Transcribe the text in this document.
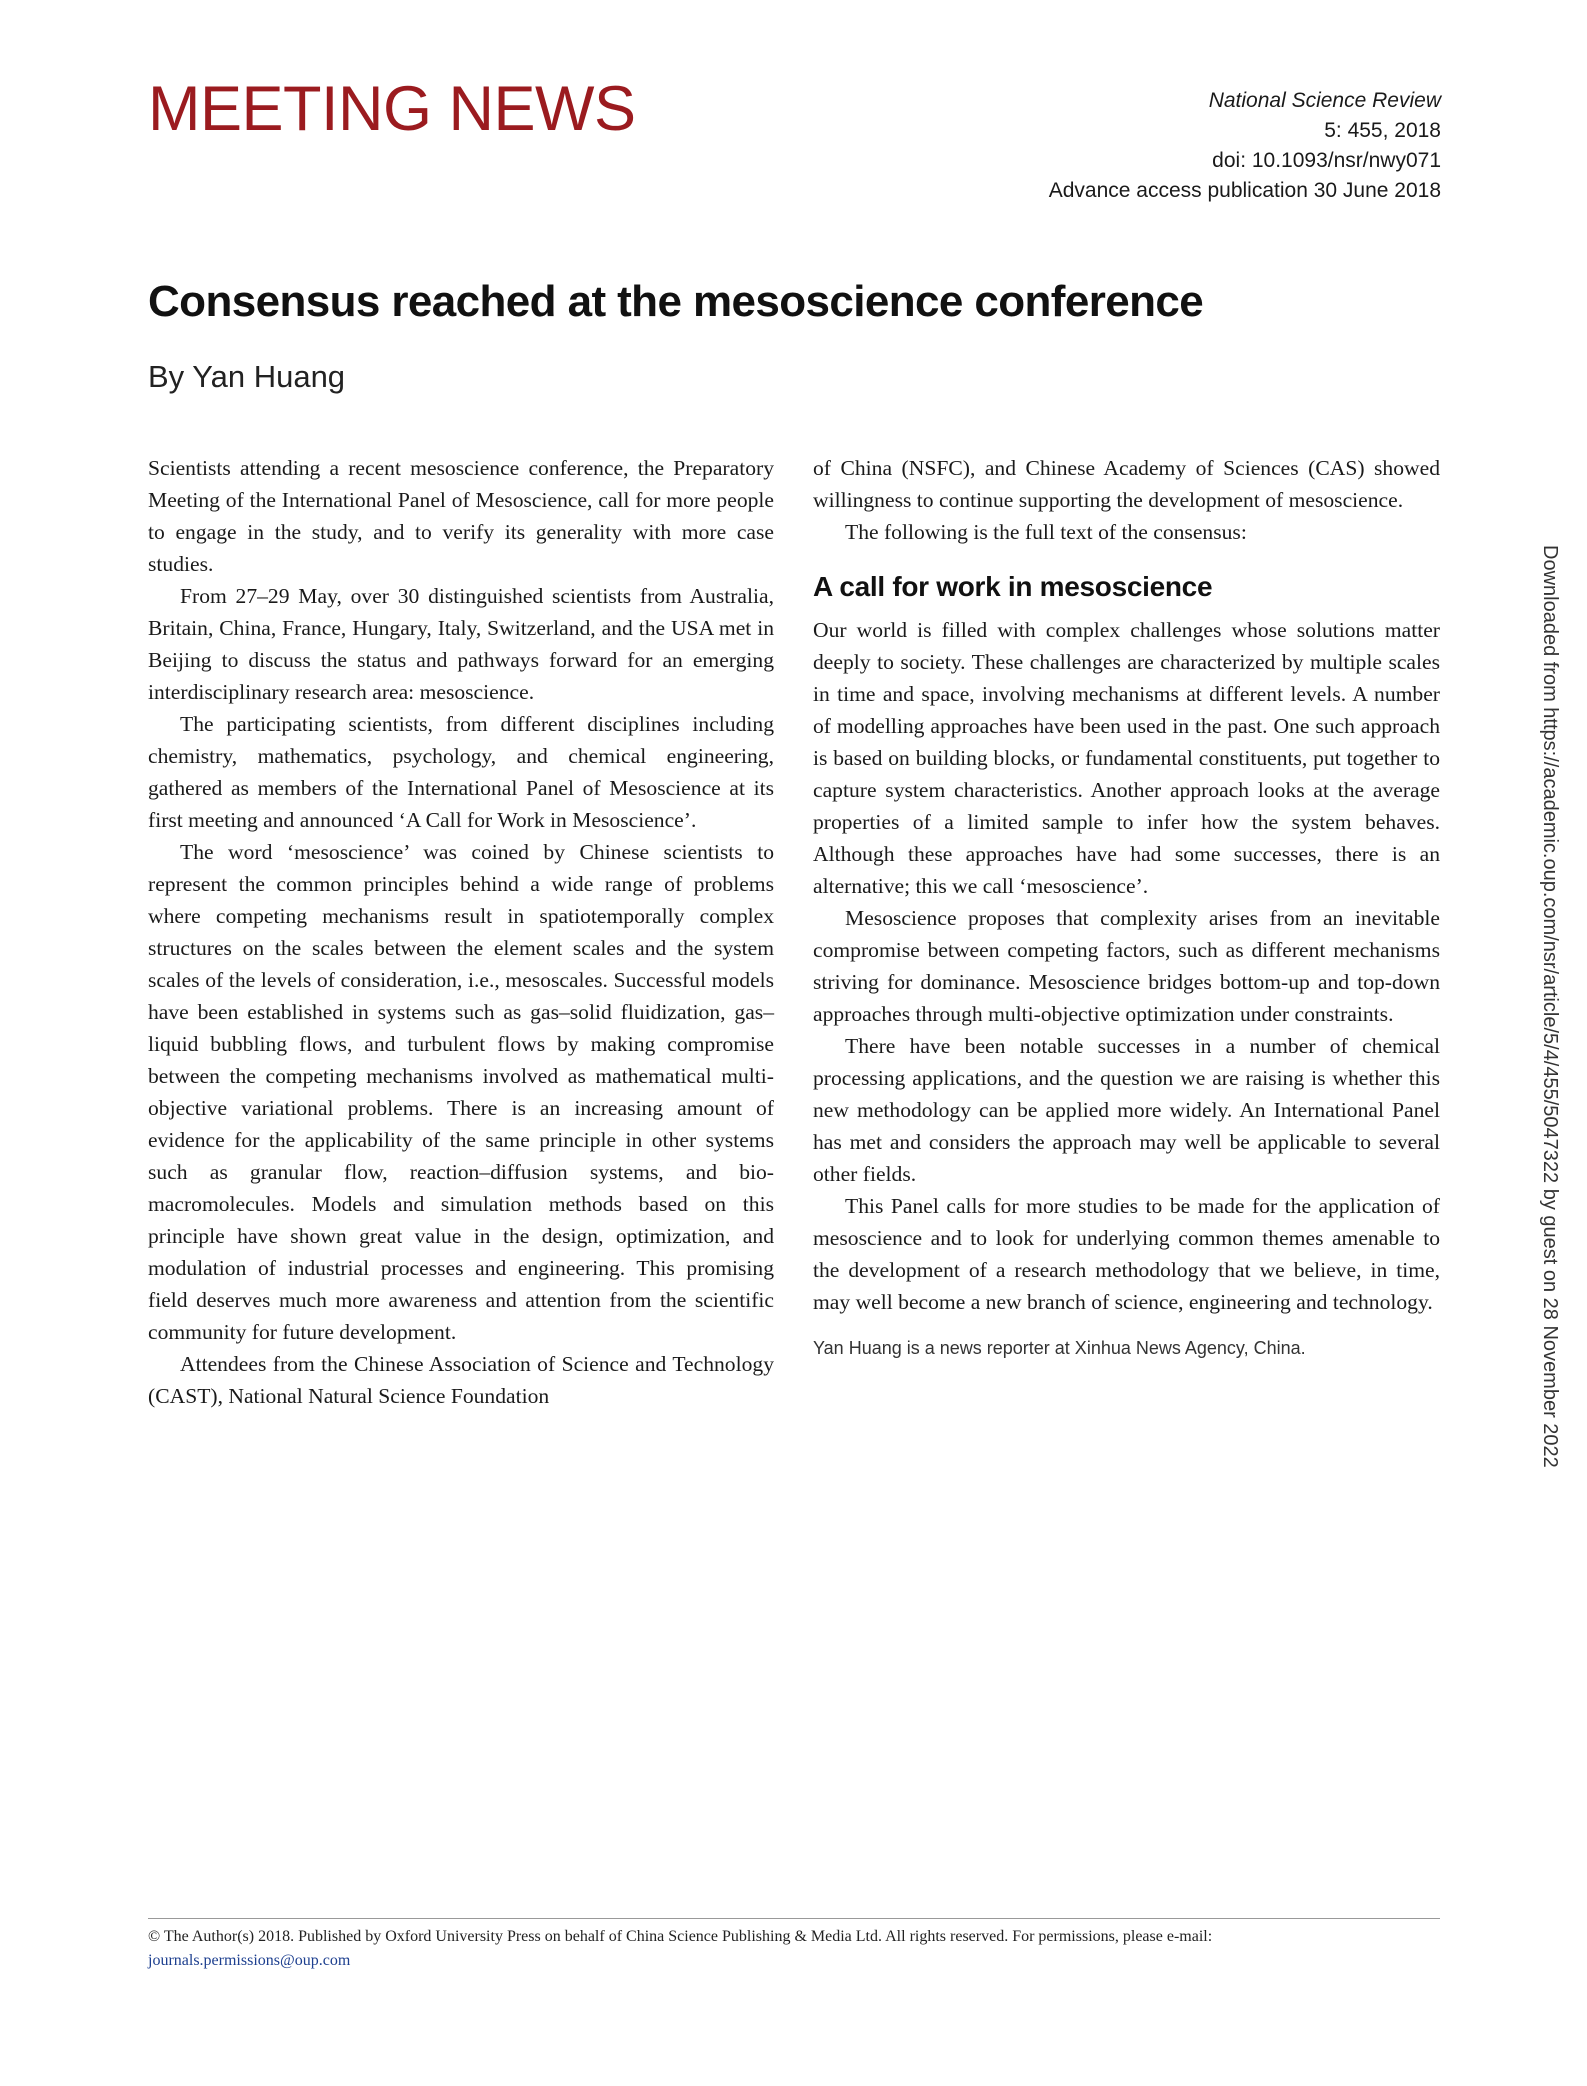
MEETING NEWS	National Science Review
5: 455, 2018
doi: 10.1093/nsr/nwy071
Advance access publication 30 June 2018
Consensus reached at the mesoscience conference
By Yan Huang

Scientists attending a recent mesoscience conference, the Preparatory Meeting of the International Panel of Mesoscience, call for more people to engage in the study, and to verify its generality with more case studies.

From 27–29 May, over 30 distinguished scientists from Australia, Britain, China, France, Hungary, Italy, Switzerland, and the USA met in Beijing to discuss the status and pathways forward for an emerging interdisciplinary research area: mesoscience.

The participating scientists, from different disciplines including chemistry, mathematics, psychology, and chemical engineering, gathered as members of the International Panel of Mesoscience at its first meeting and announced ‘A Call for Work in Mesoscience’.

The word ‘mesoscience’ was coined by Chinese scientists to represent the common principles behind a wide range of problems where competing mechanisms result in spatiotemporally complex structures on the scales between the element scales and the system scales of the levels of consideration, i.e., mesoscales. Successful models have been established in systems such as gas–solid fluidization, gas–liquid bubbling flows, and turbulent flows by making compromise between the competing mechanisms involved as mathematical multi-objective variational problems. There is an increasing amount of evidence for the applicability of the same principle in other systems such as granular flow, reaction–diffusion systems, and bio-macromolecules. Models and simulation methods based on this principle have shown great value in the design, optimization, and modulation of industrial processes and engineering. This promising field deserves much more awareness and attention from the scientific community for future development.

Attendees from the Chinese Association of Science and Technology (CAST), National Natural Science Foundation

of China (NSFC), and Chinese Academy of Sciences (CAS) showed willingness to continue supporting the development of mesoscience.

The following is the full text of the consensus:

A call for work in mesoscience

Our world is filled with complex challenges whose solutions matter deeply to society. These challenges are characterized by multiple scales in time and space, involving mechanisms at different levels. A number of modelling approaches have been used in the past. One such approach is based on building blocks, or fundamental constituents, put together to capture system characteristics. Another approach looks at the average properties of a limited sample to infer how the system behaves. Although these approaches have had some successes, there is an alternative; this we call ‘mesoscience’.

Mesoscience proposes that complexity arises from an inevitable compromise between competing factors, such as different mechanisms striving for dominance. Mesoscience bridges bottom-up and top-down approaches through multi-objective optimization under constraints.

There have been notable successes in a number of chemical processing applications, and the question we are raising is whether this new methodology can be applied more widely. An International Panel has met and considers the approach may well be applicable to several other fields.

This Panel calls for more studies to be made for the application of mesoscience and to look for underlying common themes amenable to the development of a research methodology that we believe, in time, may well become a new branch of science, engineering and technology.

Yan Huang is a news reporter at Xinhua News Agency, China.	Downloaded from https://academic.oup.com/nsr/article/5/4/455/5047322 by guest on 28 November 2022
© The Author(s) 2018. Published by Oxford University Press on behalf of China Science Publishing & Media Ltd. All rights reserved. For permissions, please e-mail:
journals.permissions@oup.com
